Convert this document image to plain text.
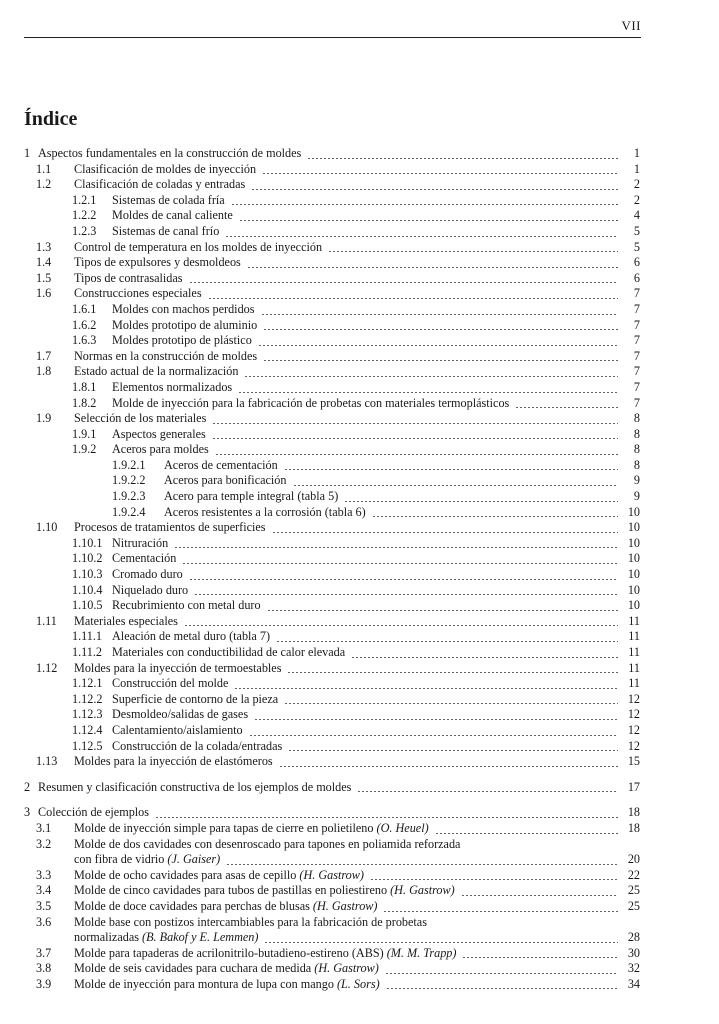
VII
Índice
1 Aspectos fundamentales en la construcción de moldes	1
1.1	Clasificación de moldes de inyección	1
1.2	Clasificación de coladas y entradas	2
1.2.1	Sistemas de colada fría	2
1.2.2	Moldes de canal caliente	4
1.2.3	Sistemas de canal frío	5
1.3	Control de temperatura en los moldes de inyección	5
1.4	Tipos de expulsores y desmoldeos	6
1.5	Tipos de contrasalidas	6
1.6	Construcciones especiales	7
1.6.1	Moldes con machos perdidos	7
1.6.2	Moldes prototipo de aluminio	7
1.6.3	Moldes prototipo de plástico	7
1.7	Normas en la construcción de moldes	7
1.8	Estado actual de la normalización	7
1.8.1	Elementos normalizados	7
1.8.2	Molde de inyección para la fabricación de probetas con materiales termoplásticos	7
1.9	Selección de los materiales	8
1.9.1	Aspectos generales	8
1.9.2	Aceros para moldes	8
1.9.2.1	Aceros de cementación	8
1.9.2.2	Aceros para bonificación	9
1.9.2.3	Acero para temple integral (tabla 5)	9
1.9.2.4	Aceros resistentes a la corrosión (tabla 6)	10
1.10	Procesos de tratamientos de superficies	10
1.10.1 Nitruración	10
1.10.2 Cementación	10
1.10.3 Cromado duro	10
1.10.4 Niquelado duro	10
1.10.5 Recubrimiento con metal duro	10
1.11	Materiales especiales	11
1.11.1 Aleación de metal duro (tabla 7)	11
1.11.2 Materiales con conductibilidad de calor elevada	11
1.12	Moldes para la inyección de termoestables	11
1.12.1 Construcción del molde	11
1.12.2 Superficie de contorno de la pieza	12
1.12.3 Desmoldeo/salidas de gases	12
1.12.4 Calentamiento/aislamiento	12
1.12.5 Construcción de la colada/entradas	12
1.13	Moldes para la inyección de elastómeros	15
2 Resumen y clasificación constructiva de los ejemplos de moldes	17
3 Colección de ejemplos	18
3.1	Molde de inyección simple para tapas de cierre en polietileno (O. Heuel)	18
3.2 Molde de dos cavidades con desenroscado para tapones en poliamida reforzada
con fibra de vidrio (J. Gaiser)	20
3.3	Molde de ocho cavidades para asas de cepillo (H. Gastrow)	22
3.4	Molde de cinco cavidades para tubos de pastillas en poliestireno (H. Gastrow)	25
3.5	Molde de doce cavidades para perchas de blusas (H. Gastrow)	25
3.6 Molde base con postizos intercambiables para la fabricación de probetas
normalizadas (B. Bakof y E. Lemmen)	28
3.7	Molde para tapaderas de acrilonitrilo-butadieno-estireno (ABS) (M. M. Trapp)	30
3.8	Molde de seis cavidades para cuchara de medida (H. Gastrow)	32
3.9	Molde de inyección para montura de lupa con mango (L. Sors)	34
